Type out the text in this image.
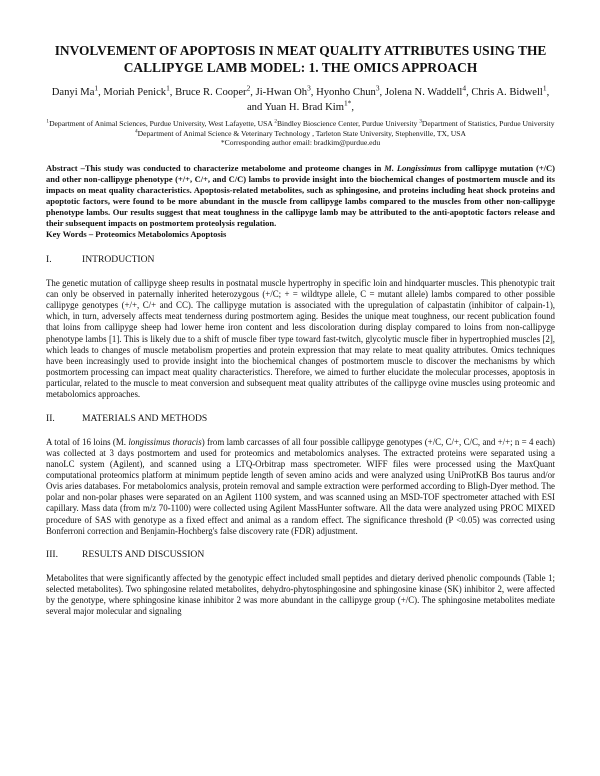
INVOLVEMENT OF APOPTOSIS IN MEAT QUALITY ATTRIBUTES USING THE CALLIPYGE LAMB MODEL: 1. THE OMICS APPROACH
Danyi Ma$^1$, Moriah Penick$^1$, Bruce R. Cooper$^2$, Ji-Hwan Oh$^3$, Hyonho Chun$^3$, Jolena N. Waddell$^4$, Chris A. Bidwell$^1$, and Yuan H. Brad Kim$^{1*}$,
$^1$Department of Animal Sciences, Purdue University, West Lafayette, USA $^2$Bindley Bioscience Center, Purdue University $^3$Department of Statistics, Purdue University $^4$Department of Animal Science & Veterinary Technology , Tarleton State University, Stephenville, TX, USA
*Corresponding author email: bradkim@purdue.edu

Abstract –This study was conducted to characterize metabolome and proteome changes in M. Longissimus from callipyge mutation (+/C) and other non-callipyge phenotype (+/+, C/+, and C/C) lambs to provide insight into the biochemical changes of postmortem muscle and its impacts on meat quality characteristics. Apoptosis-related metabolites, such as sphingosine, and proteins including heat shock proteins and apoptotic factors, were found to be more abundant in the muscle from callipyge lambs compared to the muscles from other non-callipyge phenotype lambs. Our results suggest that meat toughness in the callipyge lamb may be attributed to the anti-apoptotic factors release and their subsequent impacts on postmortem proteolysis regulation.

Key Words – Proteomics Metabolomics Apoptosis
I.	INTRODUCTION

The genetic mutation of callipyge sheep results in postnatal muscle hypertrophy in specific loin and hindquarter muscles. This phenotypic trait can only be observed in paternally inherited heterozygous (+/C; + = wildtype allele, C = mutant allele) lambs compared to other possible callipyge genotypes (+/+, C/+ and CC). The callipyge mutation is associated with the upregulation of calpastatin (inhibitor of calpain-1), which, in turn, adversely affects meat tenderness during postmortem aging. Besides the unique meat toughness, our recent publication found that loins from callipyge sheep had lower heme iron content and less discoloration during display compared to loins from non-callipyge phenotype lambs [1]. This is likely due to a shift of muscle fiber type toward fast-twitch, glycolytic muscle fiber in hypertrophied muscles [2], which leads to changes of muscle metabolism properties and protein expression that may relate to meat quality attributes. Omics techniques have been increasingly used to provide insight into the biochemical changes of postmortem muscle to discover the mechanisms by which postmortem processing can impact meat quality characteristics. Therefore, we aimed to further elucidate the molecular processes, apoptosis in particular, related to the muscle to meat conversion and subsequent meat quality attributes of the callipyge ovine muscles using proteomic and metabolomics approaches.

II.	MATERIALS AND METHODS

A total of 16 loins (M. longissimus thoracis) from lamb carcasses of all four possible callipyge genotypes (+/C, C/+, C/C, and +/+; n = 4 each) was collected at 3 days postmortem and used for proteomics and metabolomics analyses. The extracted proteins were separated using a nanoLC system (Agilent), and scanned using a LTQ-Orbitrap mass spectrometer. WIFF files were processed using the MaxQuant computational proteomics platform at minimum peptide length of seven amino acids and were analyzed using UniProtKB Bos taurus and/or Ovis aries databases. For metabolomics analysis, protein removal and sample extraction were performed according to Bligh-Dyer method. The polar and non-polar phases were separated on an Agilent 1100 system, and was scanned using an MSD-TOF spectrometer attached with ESI capillary. Mass data (from m/z 70-1100) were collected using Agilent MassHunter software. All the data were analyzed using PROC MIXED procedure of SAS with genotype as a fixed effect and animal as a random effect. The significance threshold (P <0.05) was corrected using Bonferroni correction and Benjamin-Hochberg's false discovery rate (FDR) adjustment.

III.	RESULTS AND DISCUSSION

Metabolites that were significantly affected by the genotypic effect included small peptides and dietary derived phenolic compounds (Table 1; selected metabolites). Two sphingosine related metabolites, dehydro-phytosphingosine and sphingosine kinase (SK) inhibitor 2, were affected by the genotype, where sphingosine kinase inhibitor 2 was more abundant in the callipyge group (+/C). The sphingosine metabolites mediate several major molecular and signaling
